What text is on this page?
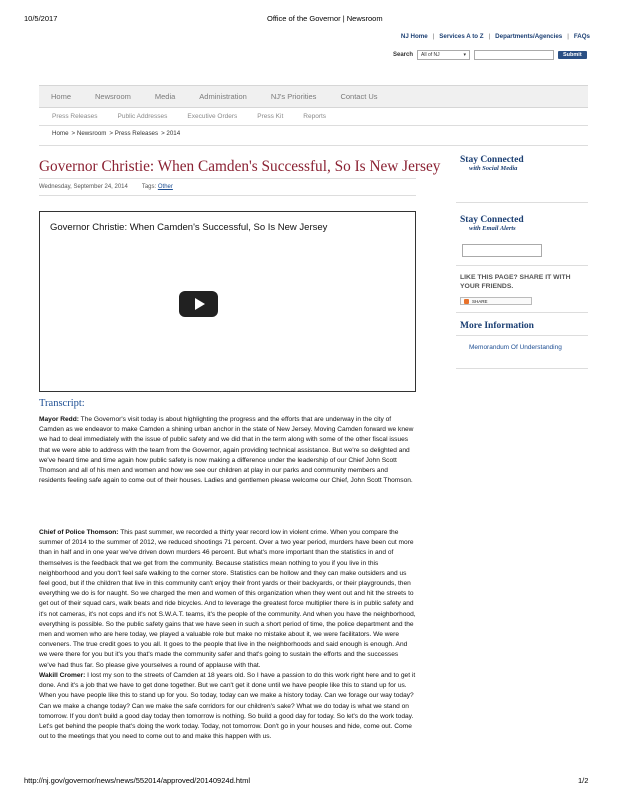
10/5/2017	Office of the Governor | Newsroom
NJ Home | Services A to Z | Departments/Agencies | FAQs
Search All of NJ	▾	Submit
Home	Newsroom	Media	Administration	NJ's Priorities	Contact Us
Press Releases	Public Addresses	Executive Orders	Press Kit	Reports
Home > Newsroom > Press Releases > 2014
Governor Christie: When Camden's Successful, So Is New Jersey
Wednesday, September 24, 2014 Tags: Other
Governor Christie: When Camden's Successful, So Is New Jersey
Transcript:
Mayor Redd: The Governor's visit today is about highlighting the progress and the efforts that are underway in the city of Camden as we endeavor to make Camden a shining urban anchor in the state of New Jersey. Moving Camden forward we knew we had to deal immediately with the issue of public safety and we did that in the term along with some of the other fiscal issues that we were able to address with the team from the Governor, again providing technical assistance. But we're so delighted and we've heard time and time again how public safety is now making a difference under the leadership of our Chief John Scott Thomson and all of his men and women and how we see our children at play in our parks and community members and residents feeling safe again to come out of their houses. Ladies and gentlemen please welcome our Chief, John Scott Thomson.
Chief of Police Thomson: This past summer, we recorded a thirty year record low in violent crime. When you compare the summer of 2014 to the summer of 2012, we reduced shootings 71 percent. Over a two year period, murders have been cut more than in half and in one year we've driven down murders 46 percent. But what's more important than the statistics in and of themselves is the feedback that we get from the community. Because statistics mean nothing to you if you live in this neighborhood and you don't feel safe walking to the corner store. Statistics can be hollow and they can make outsiders and us feel good, but if the children that live in this community can't enjoy their front yards or their backyards, or their playgrounds, then everything we do is for naught. So we charged the men and women of this organization when they went out and hit the streets to get out of their squad cars, walk beats and ride bicycles. And to leverage the greatest force multiplier there is in public safety and it's not cameras, it's not cops and it's not S.W.A.T. teams, it's the people of the community. And when you have the neighborhood, everything is possible. So the public safety gains that we have seen in such a short period of time, the police department and the men and women who are here today, we played a valuable role but make no mistake about it, we were facilitators. We were conveners. The true credit goes to you all. It goes to the people that live in the neighborhoods and said enough is enough. And we were there for you but it's you that's made the community safer and that's going to sustain the efforts and the successes we've had thus far. So please give yourselves a round of applause with that.
Wakill Cromer: I lost my son to the streets of Camden at 18 years old. So I have a passion to do this work right here and to get it done. And it's a job that we have to get done together. But we can't get it done until we have people like this to stand up for us. When you have people like this to stand up for you. So today, today can we make a history today. Can we forage our way today? Can we make a change today? Can we make the safe corridors for our children's sake? What we do today is what we stand on tomorrow. If you don't build a good day today then tomorrow is nothing. So build a good day for today. So let's do the work today. Let's get behind the people that's doing the work today. Today, not tomorrow. Don't go in your houses and hide, come out. Come out to the meetings that you need to come out to and make this happen with us.
Stay Connected
with Social Media
Stay Connected
with Email Alerts
LIKE THIS PAGE? SHARE IT WITH YOUR FRIENDS.
SHARE
More Information
Memorandum Of Understanding
http://nj.gov/governor/news/news/552014/approved/20140924d.html	1/2
